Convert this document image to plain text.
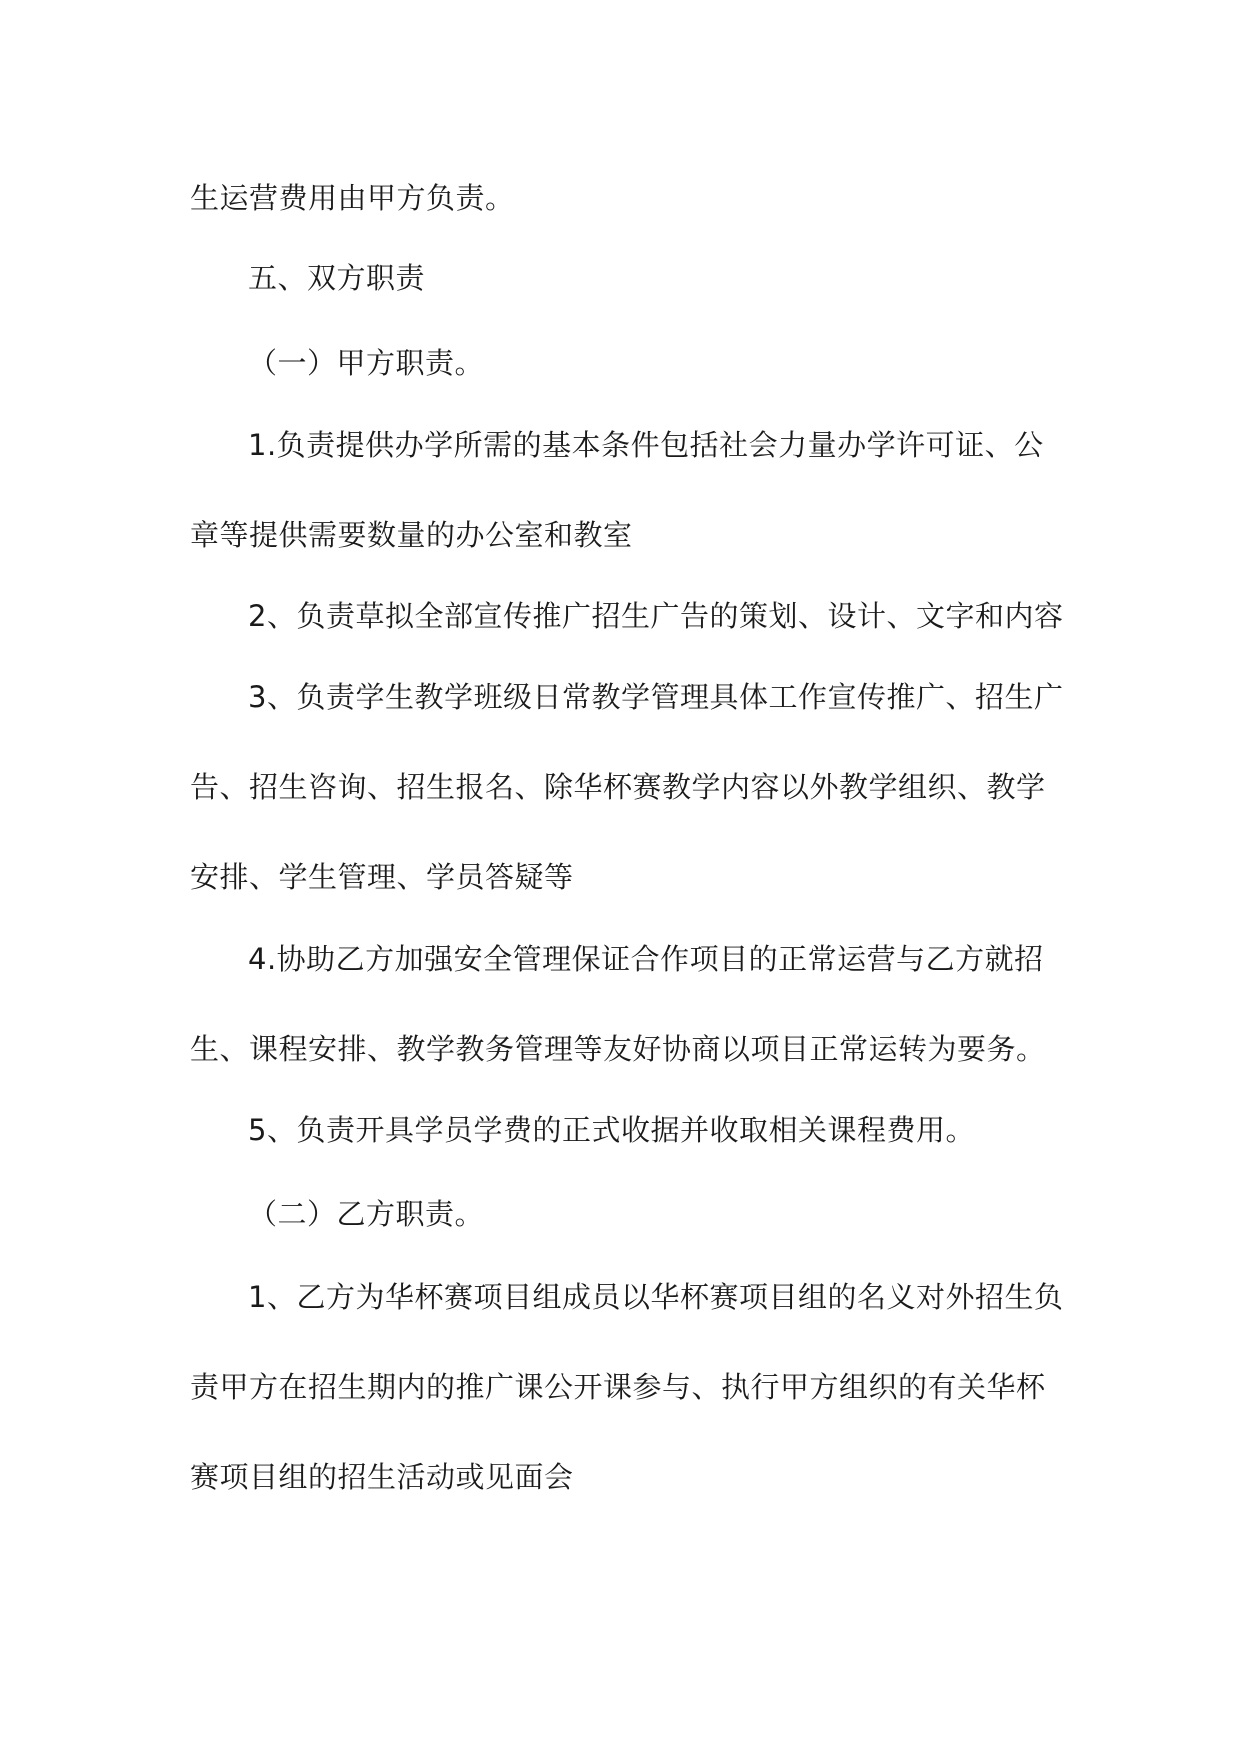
生运营费用由甲方负责。

五、双方职责

（一）甲方职责。

1.负责提供办学所需的基本条件包括社会力量办学许可证、公

章等提供需要数量的办公室和教室

2、负责草拟全部宣传推广招生广告的策划、设计、文字和内容

3、负责学生教学班级日常教学管理具体工作宣传推广、招生广

告、招生咨询、招生报名、除华杯赛教学内容以外教学组织、教学

安排、学生管理、学员答疑等

4.协助乙方加强安全管理保证合作项目的正常运营与乙方就招

生、课程安排、教学教务管理等友好协商以项目正常运转为要务。

5、负责开具学员学费的正式收据并收取相关课程费用。

（二）乙方职责。

1、乙方为华杯赛项目组成员以华杯赛项目组的名义对外招生负

责甲方在招生期内的推广课公开课参与、执行甲方组织的有关华杯

赛项目组的招生活动或见面会
